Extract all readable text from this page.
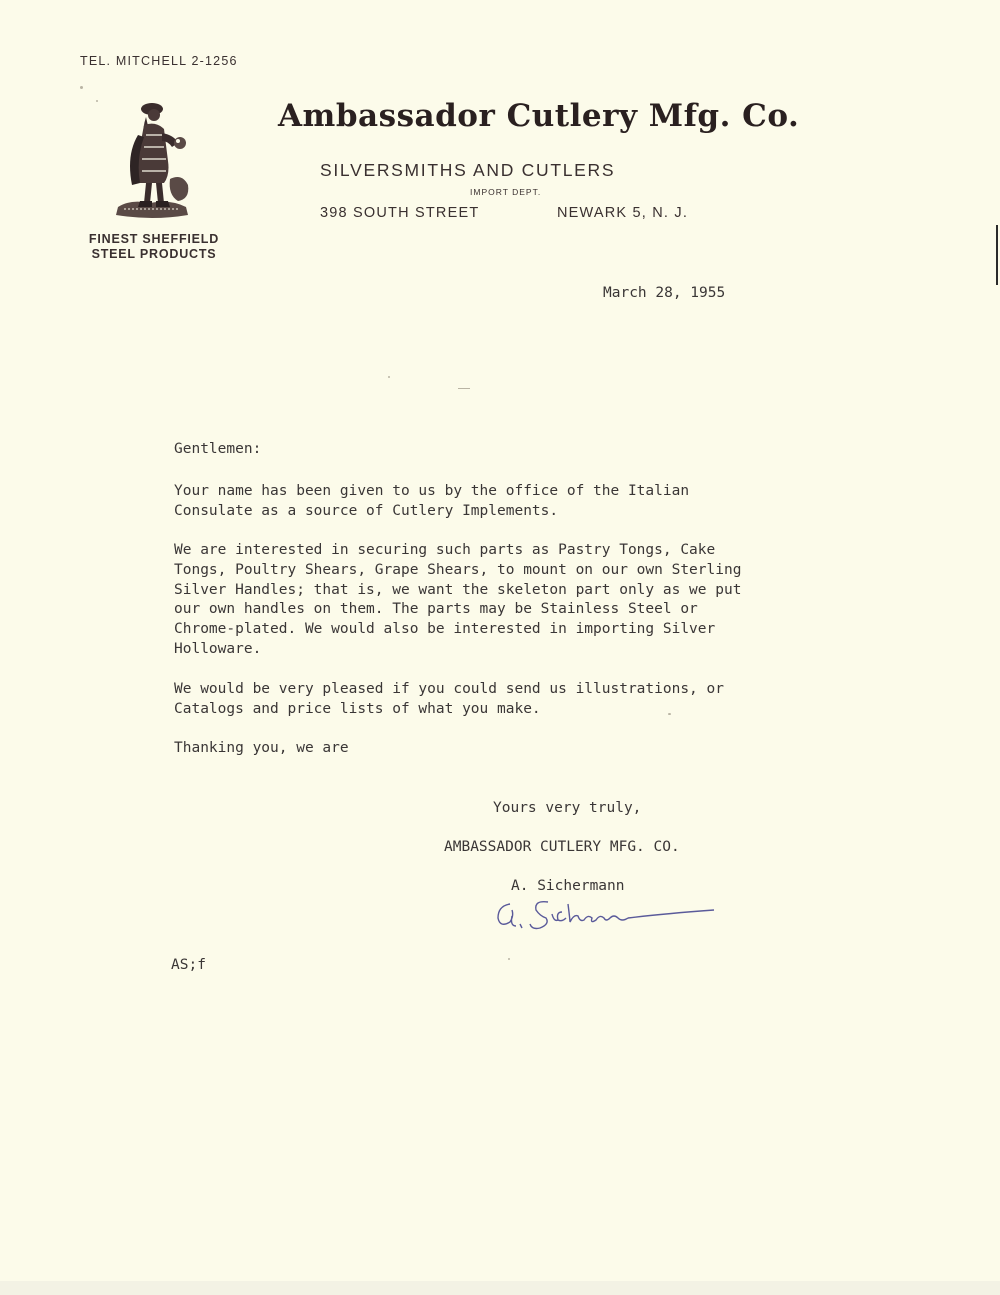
TEL. MITCHELL 2-1256
FINEST SHEFFIELD
STEEL PRODUCTS
Ambassador Cutlery Mfg. Co.
SILVERSMITHS AND CUTLERS
IMPORT DEPT.
398 SOUTH STREET	NEWARK 5, N. J.
March 28, 1955
Gentlemen:
Your name has been given to us by the office of the Italian
Consulate as a source of Cutlery Implements.
We are interested in securing such parts as Pastry Tongs, Cake
Tongs, Poultry Shears, Grape Shears, to mount on our own Sterling
Silver Handles; that is, we want the skeleton part only as we put
our own handles on them. The parts may be Stainless Steel or
Chrome-plated. We would also be interested in importing Silver
Holloware.
We would be very pleased if you could send us illustrations, or
Catalogs and price lists of what you make.
Thanking you, we are
Yours very truly,
AMBASSADOR CUTLERY MFG. CO.
A. Sichermann
AS;f
